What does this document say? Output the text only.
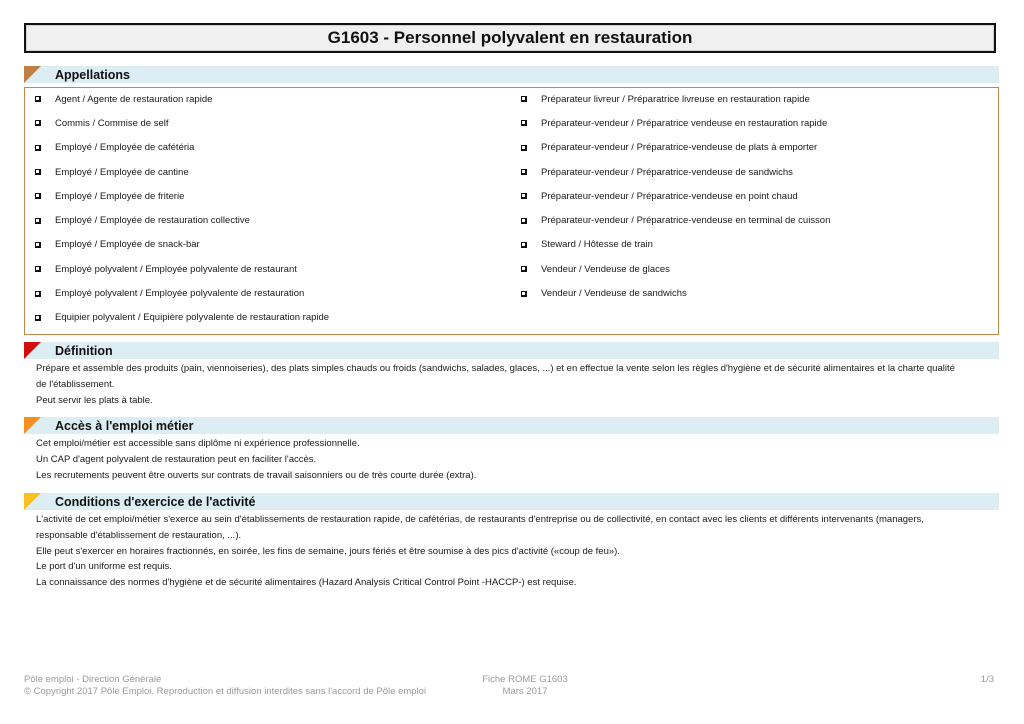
G1603 - Personnel polyvalent en restauration
Appellations
Agent / Agente de restauration rapide
Commis / Commise de self
Employé / Employée de cafétéria
Employé / Employée de cantine
Employé / Employée de friterie
Employé / Employée de restauration collective
Employé / Employée de snack-bar
Employé polyvalent / Employée polyvalente de restaurant
Employé polyvalent / Employée polyvalente de restauration
Equipier polyvalent / Equipière polyvalente de restauration rapide
Préparateur livreur / Préparatrice livreuse en restauration rapide
Préparateur-vendeur / Préparatrice vendeuse en restauration rapide
Préparateur-vendeur / Préparatrice-vendeuse de plats à emporter
Préparateur-vendeur / Préparatrice-vendeuse de sandwichs
Préparateur-vendeur / Préparatrice-vendeuse en point chaud
Préparateur-vendeur / Préparatrice-vendeuse en terminal de cuisson
Steward / Hôtesse de train
Vendeur / Vendeuse de glaces
Vendeur / Vendeuse de sandwichs
Définition

Prépare et assemble des produits (pain, viennoiseries), des plats simples chauds ou froids (sandwichs, salades, glaces, ...) et en effectue la vente selon les règles d'hygiène et de sécurité alimentaires et la charte qualité

de l'établissement.

Peut servir les plats à table.

Accès à l'emploi métier

Cet emploi/métier est accessible sans diplôme ni expérience professionnelle.

Un CAP d'agent polyvalent de restauration peut en faciliter l'accès.

Les recrutements peuvent être ouverts sur contrats de travail saisonniers ou de très courte durée (extra).

Conditions d'exercice de l'activité

L'activité de cet emploi/métier s'exerce au sein d'établissements de restauration rapide, de cafétérias, de restaurants d'entreprise ou de collectivité, en contact avec les clients et différents intervenants (managers,

responsable d'établissement de restauration, ...).

Elle peut s'exercer en horaires fractionnés, en soirée, les fins de semaine, jours fériés et être soumise à des pics d'activité («coup de feu»).

Le port d'un uniforme est requis.

La connaissance des normes d'hygiène et de sécurité alimentaires (Hazard Analysis Critical Control Point -HACCP-) est requise.

Pôle emploi - Direction Générale
© Copyright 2017 Pôle Emploi. Reproduction et diffusion interdites sans l'accord de Pôle emploi
Fiche ROME G1603
Mars 2017
1/3
